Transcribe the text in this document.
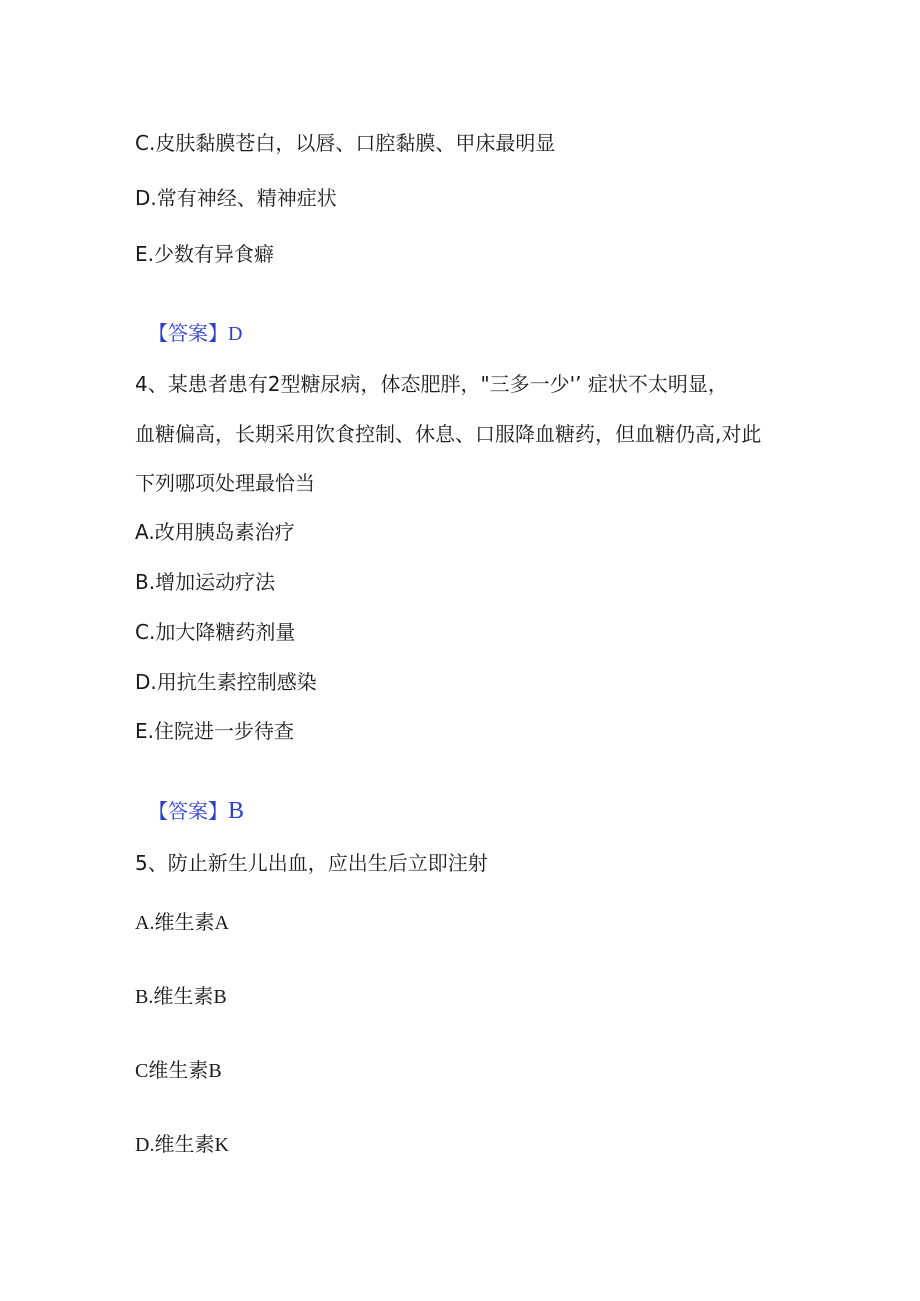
C.皮肤黏膜苍白，以唇、口腔黏膜、甲床最明显
D.常有神经、精神症状
E.少数有异食癖
【答案】D
4、某患者患有2型糖尿病，体态肥胖，"三多一少'’ 症状不太明显，
血糖偏高，长期采用饮食控制、休息、口服降血糖药，但血糖仍高,对此
下列哪项处理最恰当
A.改用胰岛素治疗
B.增加运动疗法
C.加大降糖药剂量
D.用抗生素控制感染
E.住院进一步待查
【答案】B
5、防止新生儿出血，应出生后立即注射
A.维生素A
B.维生素B
C维生素B
D.维生素K
